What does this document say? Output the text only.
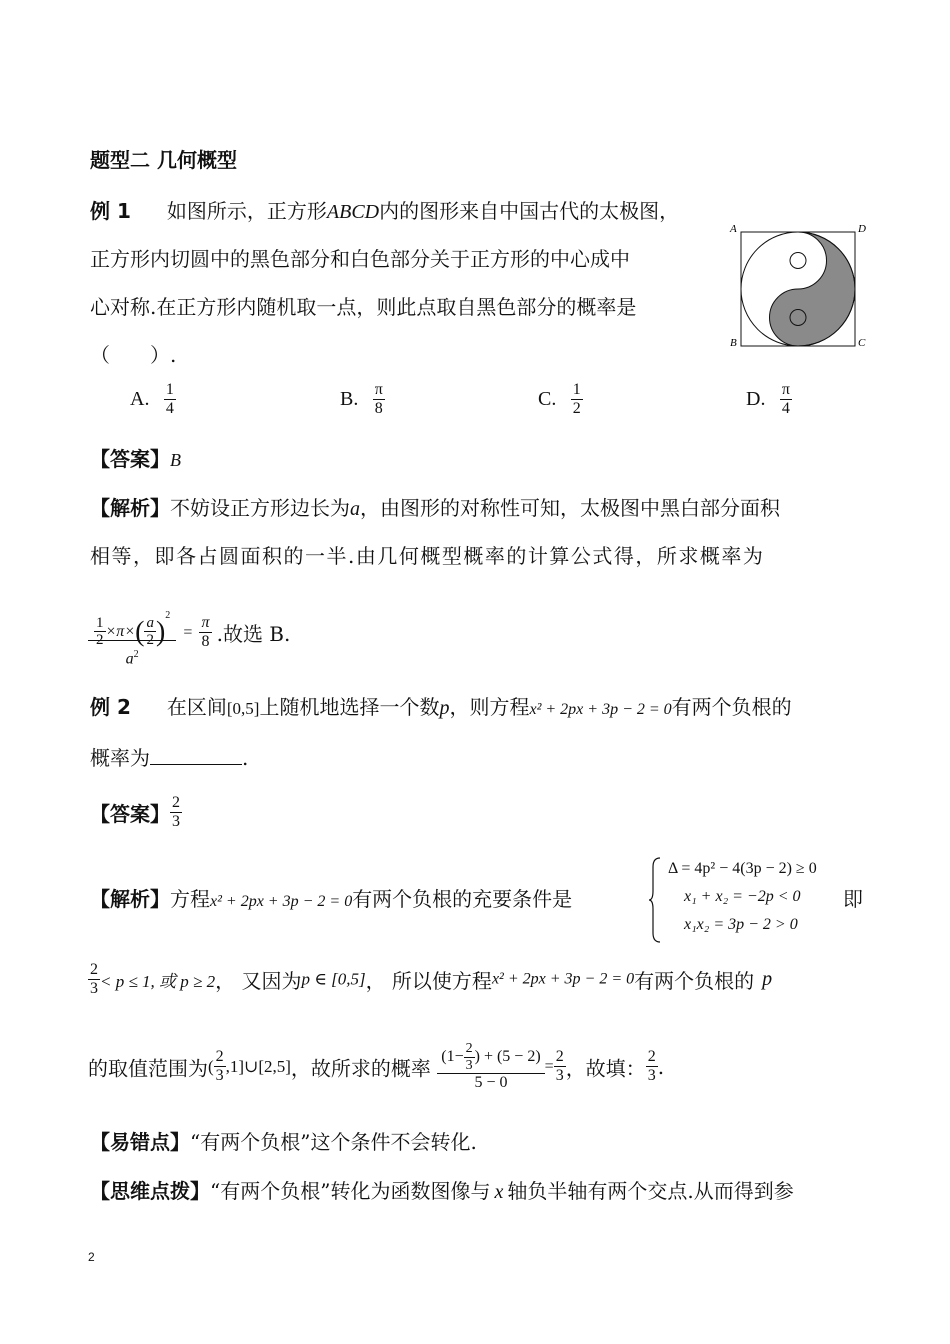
题型二 几何概型
例 1 如图所示，正方形ABCD内的图形来自中国古代的太极图，
正方形内切圆中的黑色部分和白色部分关于正方形的中心成中
心对称.在正方形内随机取一点，则此点取自黑色部分的概率是
（　　）.
A	D
B	C
A. $\frac{1}{4}$	B. $\frac{\pi}{8}$	C. $\frac{1}{2}$	D. $\frac{\pi}{4}$
【答案】B
【解析】不妨设正方形边长为a，由图形的对称性可知，太极图中黑白部分面积
相等，即各占圆面积的一半.由几何概型概率的计算公式得，所求概率为
$\frac{\frac{1}{2} \times\pi\times( \frac{a}{2} )^2}{a^2} = \frac{\pi}{8}$ .故选 B.
例 2 在区间[0,5]上随机地选择一个数p，则方程x² + 2px + 3p − 2 = 0有两个负根的
概率为	.
【答案】 $\frac{2}{3}$
【解析】方程x² + 2px + 3p − 2 = 0有两个负根的充要条件是
Δ = 4p² − 4(3p − 2) ≥ 0
x₁ + x₂ = −2p < 0
x₁x₂ = 3p − 2 > 0
即
$\frac{2}{3} < p \le 1$, 或 p ≥ 2， 又因为p ∈ [0,5]， 所以使方程x² + 2px + 3p − 2 = 0有两个负根的 p
的取值范围为( $\frac{2}{3}$ ,1]∪[2,5]，故所求的概率 $\frac{(1- \frac{2}{3} ) + (5 - 2)}{5 - 0} = \frac{2}{3}$ ，故填： $\frac{2}{3}$ .
【易错点】“有两个负根”这个条件不会转化.
【思维点拨】“有两个负根”转化为函数图像与 x 轴负半轴有两个交点.从而得到参
2
